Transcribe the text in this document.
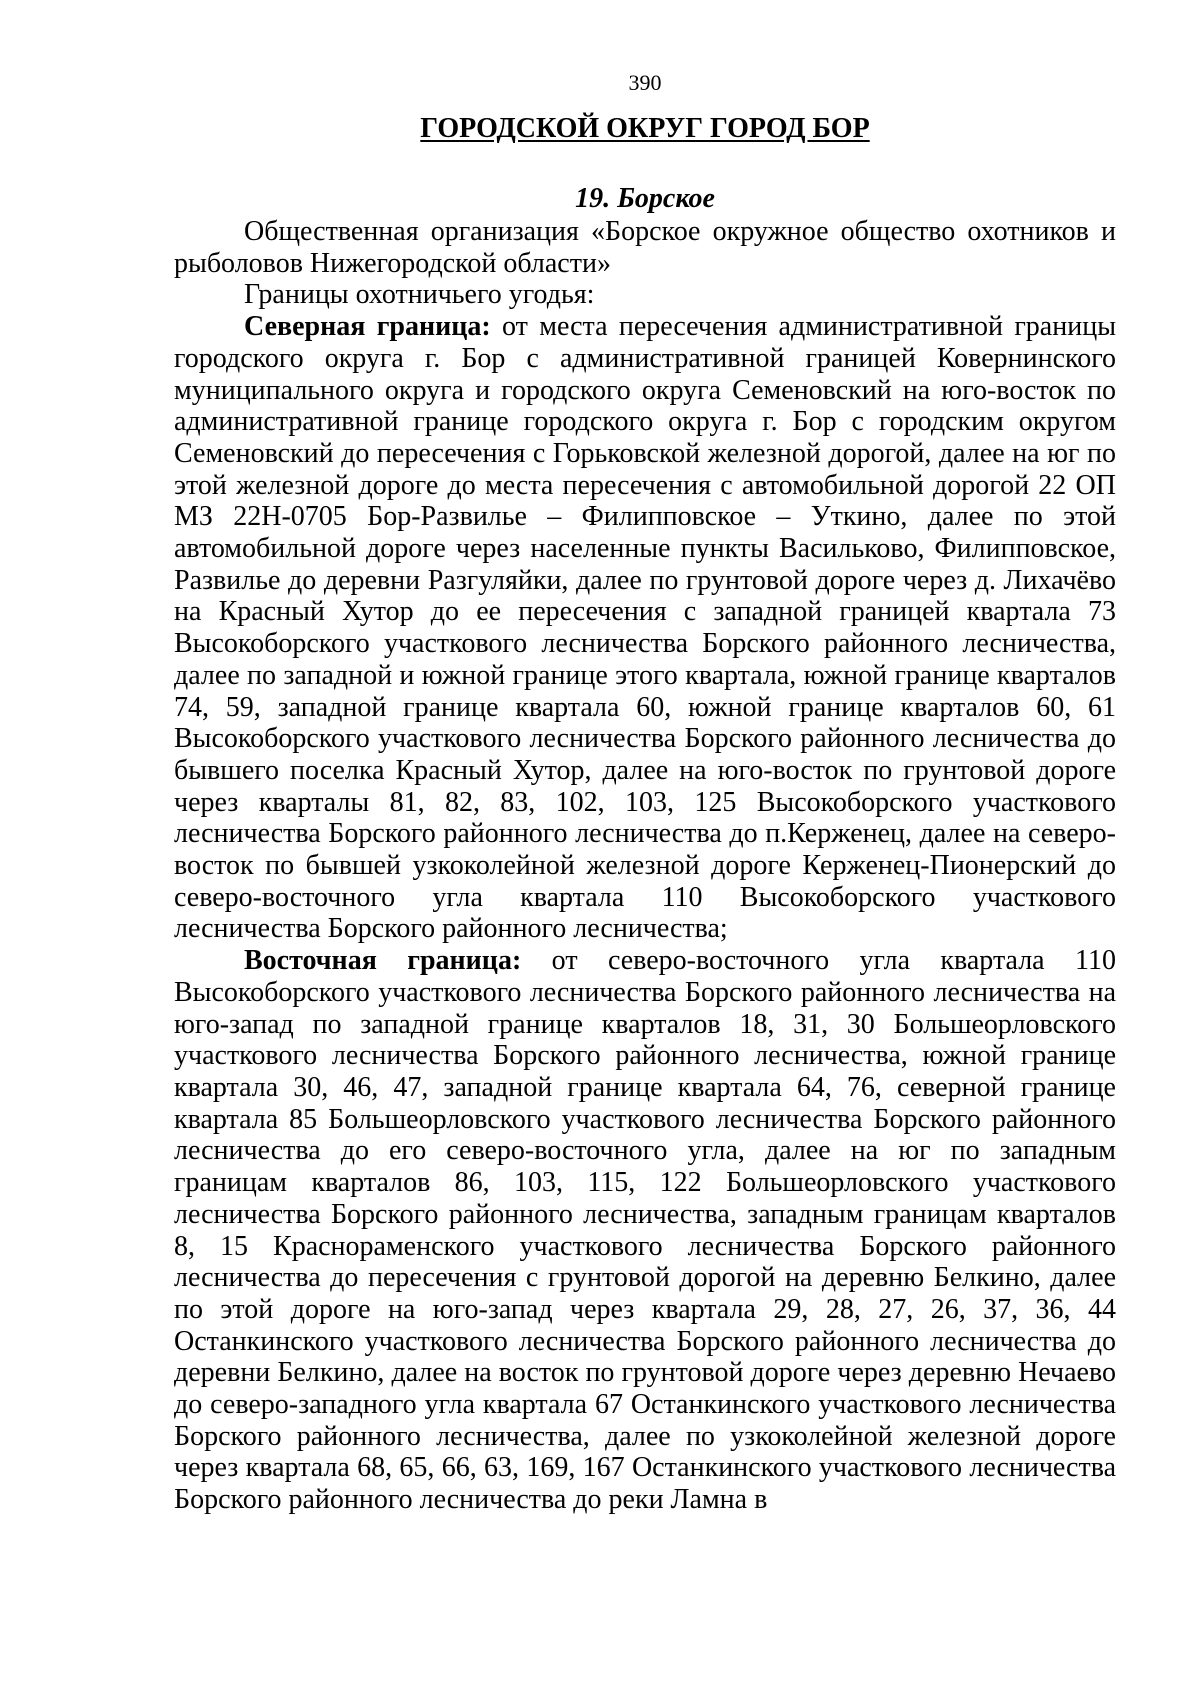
390
ГОРОДСКОЙ ОКРУГ ГОРОД БОР
19. Борское

Общественная организация «Борское окружное общество охотников и рыболовов Нижегородской области»

Границы охотничьего угодья:

Северная граница: от места пересечения административной границы городского округа г. Бор с административной границей Ковернинского муниципального округа и городского округа Семеновский на юго-восток по административной границе городского округа г. Бор с городским округом Семеновский до пересечения с Горьковской железной дорогой, далее на юг по этой железной дороге до места пересечения с автомобильной дорогой 22 ОП МЗ 22Н-0705 Бор-Развилье – Филипповское – Уткино, далее по этой автомобильной дороге через населенные пункты Васильково, Филипповское, Развилье до деревни Разгуляйки, далее по грунтовой дороге через д. Лихачёво на Красный Хутор до ее пересечения с западной границей квартала 73 Высокоборского участкового лесничества Борского районного лесничества, далее по западной и южной границе этого квартала, южной границе кварталов 74, 59, западной границе квартала 60, южной границе кварталов 60, 61 Высокоборского участкового лесничества Борского районного лесничества до бывшего поселка Красный Хутор, далее на юго-восток по грунтовой дороге через кварталы 81, 82, 83, 102, 103, 125 Высокоборского участкового лесничества Борского районного лесничества до п.Керженец, далее на северо-восток по бывшей узкоколейной железной дороге Керженец-Пионерский до северо-восточного угла квартала 110 Высокоборского участкового лесничества Борского районного лесничества;

Восточная граница: от северо-восточного угла квартала 110 Высокоборского участкового лесничества Борского районного лесничества на юго-запад по западной границе кварталов 18, 31, 30 Большеорловского участкового лесничества Борского районного лесничества, южной границе квартала 30, 46, 47, западной границе квартала 64, 76, северной границе квартала 85 Большеорловского участкового лесничества Борского районного лесничества до его северо-восточного угла, далее на юг по западным границам кварталов 86, 103, 115, 122 Большеорловского участкового лесничества Борского районного лесничества, западным границам кварталов 8, 15 Краснораменского участкового лесничества Борского районного лесничества до пересечения с грунтовой дорогой на деревню Белкино, далее по этой дороге на юго-запад через квартала 29, 28, 27, 26, 37, 36, 44 Останкинского участкового лесничества Борского районного лесничества до деревни Белкино, далее на восток по грунтовой дороге через деревню Нечаево до северо-западного угла квартала 67 Останкинского участкового лесничества Борского районного лесничества, далее по узкоколейной железной дороге через квартала 68, 65, 66, 63, 169, 167 Останкинского участкового лесничества Борского районного лесничества до реки Ламна в
